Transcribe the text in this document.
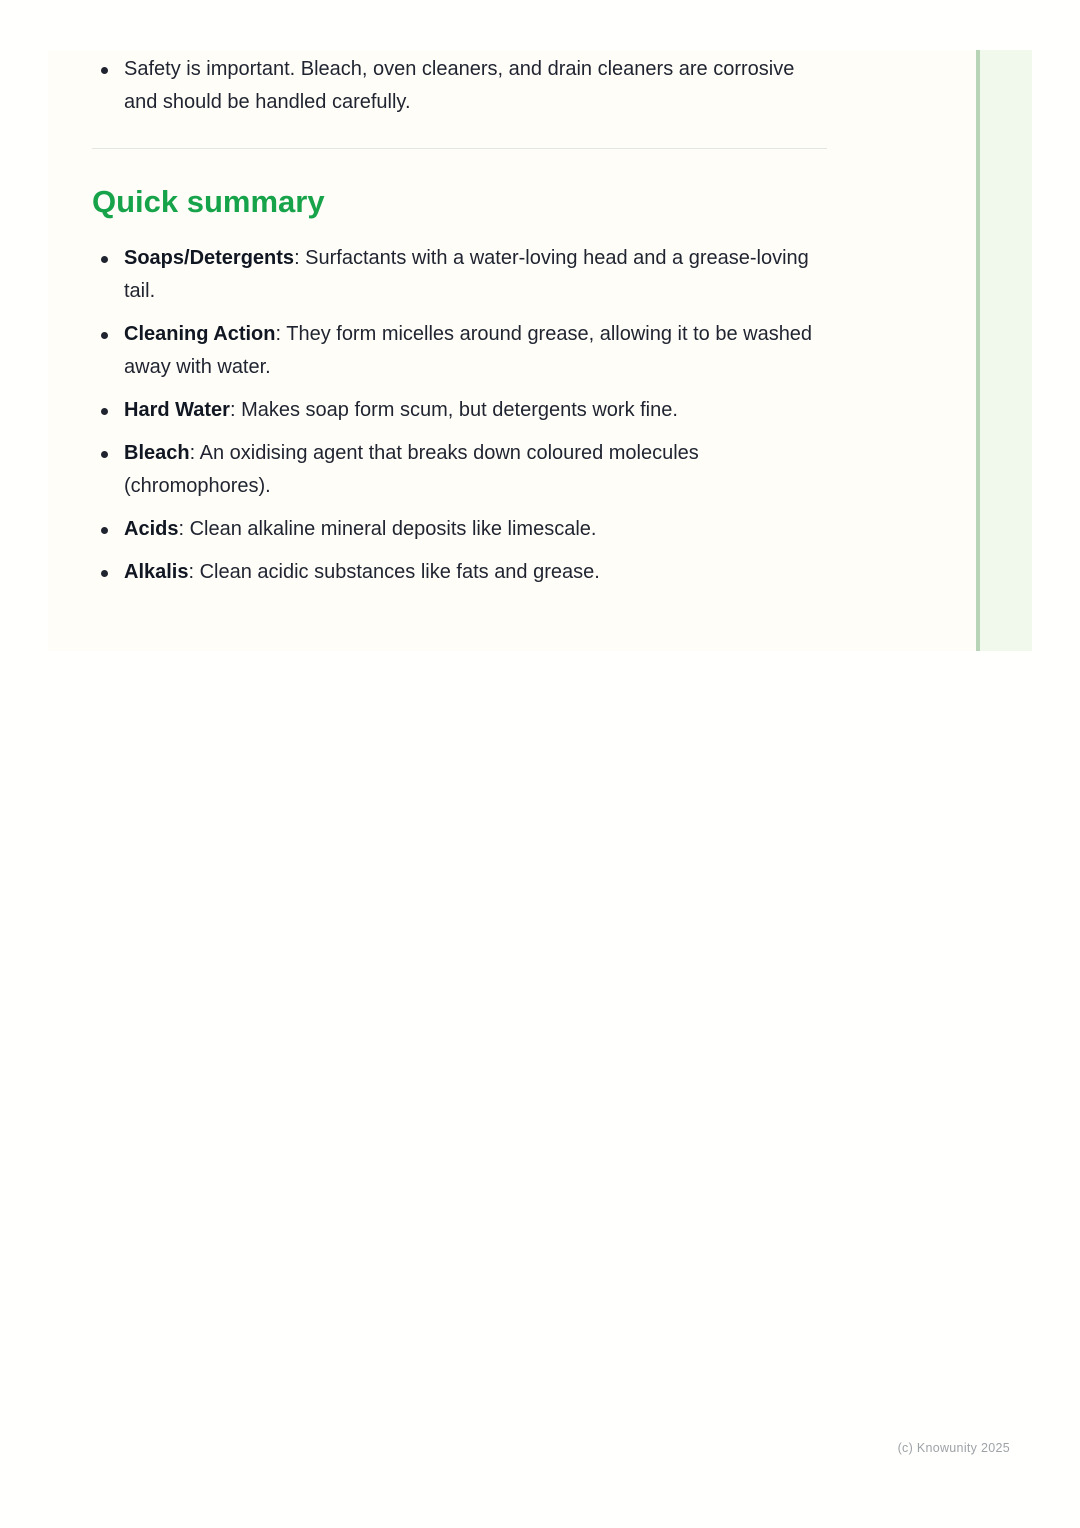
Safety is important. Bleach, oven cleaners, and drain cleaners are corrosive and should be handled carefully.
Quick summary
Soaps/Detergents: Surfactants with a water-loving head and a grease-loving tail.
Cleaning Action: They form micelles around grease, allowing it to be washed away with water.
Hard Water: Makes soap form scum, but detergents work fine.
Bleach: An oxidising agent that breaks down coloured molecules (chromophores).
Acids: Clean alkaline mineral deposits like limescale.
Alkalis: Clean acidic substances like fats and grease.
(c) Knowunity 2025
